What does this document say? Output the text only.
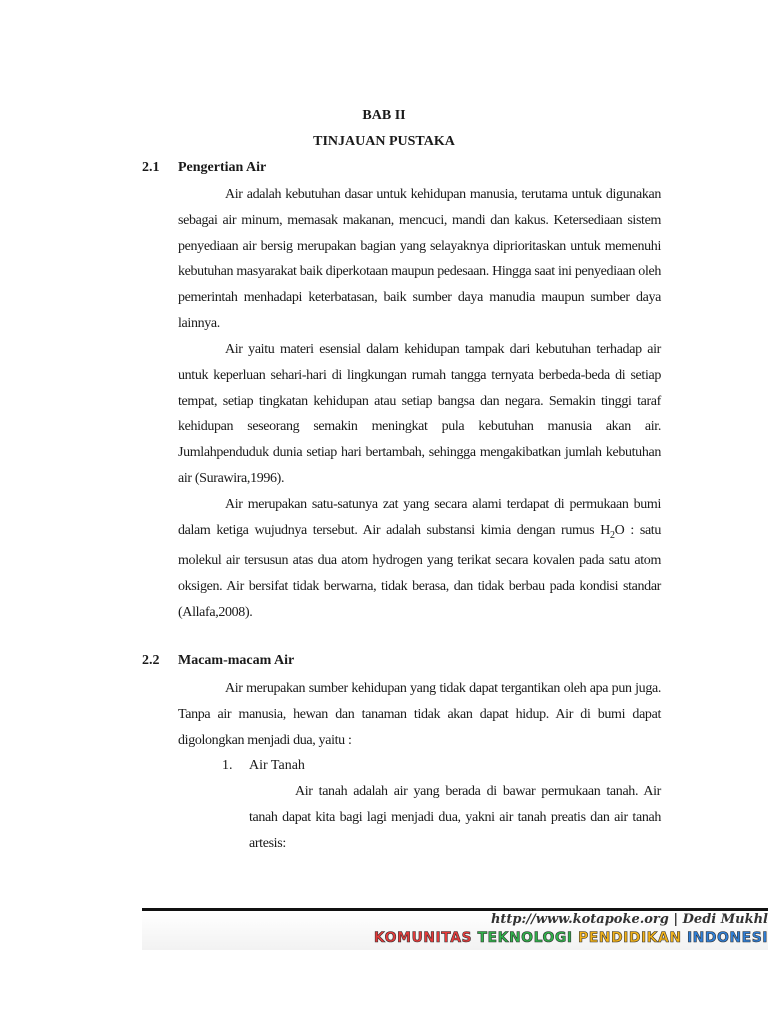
BAB II
TINJAUAN PUSTAKA
2.1 Pengertian Air

Air adalah kebutuhan dasar untuk kehidupan manusia, terutama untuk digunakan sebagai air minum, memasak makanan, mencuci, mandi dan kakus. Ketersediaan sistem penyediaan air bersig merupakan bagian yang selayaknya diprioritaskan untuk memenuhi kebutuhan masyarakat baik diperkotaan maupun pedesaan. Hingga saat ini penyediaan oleh pemerintah menhadapi keterbatasan, baik sumber daya manudia maupun sumber daya lainnya.

Air yaitu materi esensial dalam kehidupan tampak dari kebutuhan terhadap air untuk keperluan sehari-hari di lingkungan rumah tangga ternyata berbeda-beda di setiap tempat, setiap tingkatan kehidupan atau setiap bangsa dan negara. Semakin tinggi taraf kehidupan seseorang semakin meningkat pula kebutuhan manusia akan air. Jumlahpenduduk dunia setiap hari bertambah, sehingga mengakibatkan jumlah kebutuhan air (Surawira,1996).

Air merupakan satu-satunya zat yang secara alami terdapat di permukaan bumi dalam ketiga wujudnya tersebut. Air adalah substansi kimia dengan rumus $H_2O$ : satu molekul air tersusun atas dua atom hydrogen yang terikat secara kovalen pada satu atom oksigen. Air bersifat tidak berwarna, tidak berasa, dan tidak berbau pada kondisi standar (Allafa,2008).

2.2 Macam-macam Air

Air merupakan sumber kehidupan yang tidak dapat tergantikan oleh apa pun juga. Tanpa air manusia, hewan dan tanaman tidak akan dapat hidup. Air di bumi dapat digolongkan menjadi dua, yaitu :

1. Air Tanah

Air tanah adalah air yang berada di bawar permukaan tanah. Air tanah dapat kita bagi lagi menjadi dua, yakni air tanah preatis dan air tanah artesis:

http://www.kotapoke.org | Dedi Mukhl
KOMUNITAS TEKNOLOGI PENDIDIKAN INDONESI
